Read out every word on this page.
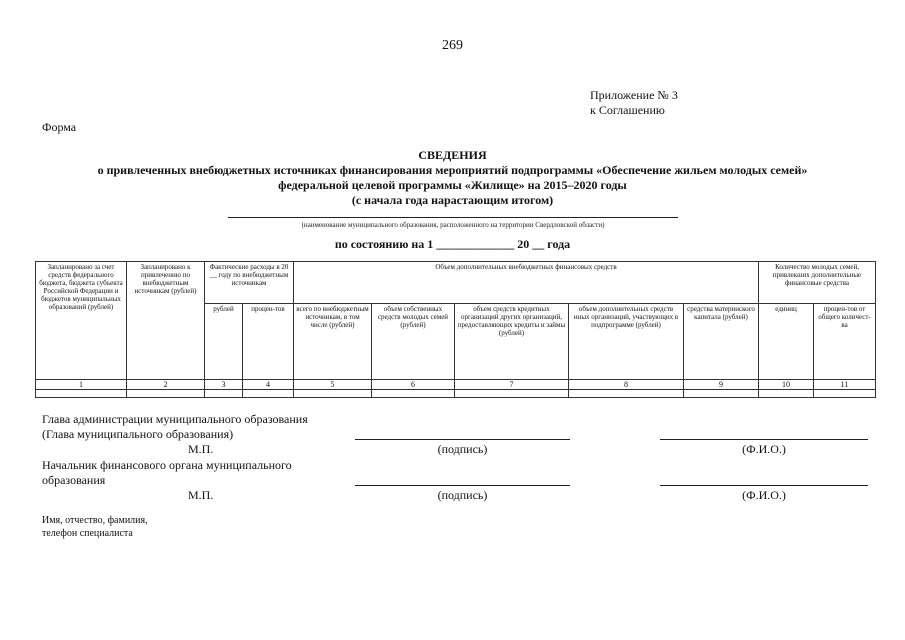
269
Приложение № 3
к Соглашению
Форма
СВЕДЕНИЯ
о привлеченных внебюджетных источниках финансирования мероприятий подпрограммы «Обеспечение жильем молодых семей»
федеральной целевой программы «Жилище» на 2015–2020 годы
(с начала года нарастающим итогом)
(наименование муниципального образования, расположенного на территории Свердловской области)
по состоянию на 1 _____________ 20 __ года
Запланировано за счет средств федерального бюджета, бюджета субъекта Российской Федерации и бюджетов муниципальных образований (рублей)	Запланировано к привлечению по внебюджетным источникам (рублей)	Фактические расходы в 20 __ году по внебюджетным источникам		Объем дополнительных внебюджетных финансовых средств					Количество молодых семей, привлекших дополнительные финансовые средства	
		рублей	процен-тов	всего по внебюджетным источникам, в том числе (рублей)	объем собственных средств молодых семей (рублей)	объем средств кредитных организаций других организаций, предоставляющих кредиты и займы (рублей)	объем дополнительных средств иных организаций, участвующих в подпрограмме (рублей)	средства материнского капитала (рублей)	единиц	процен-тов от общего количест-ва
1	2	3	4	5	6	7	8	9	10	11

Глава администрации муниципального образования
(Глава муниципального образования)
М.П.	(подпись)	(Ф.И.О.)
Начальник финансового органа муниципального
образования
М.П.	(подпись)	(Ф.И.О.)
Имя, отчество, фамилия,
телефон специалиста
